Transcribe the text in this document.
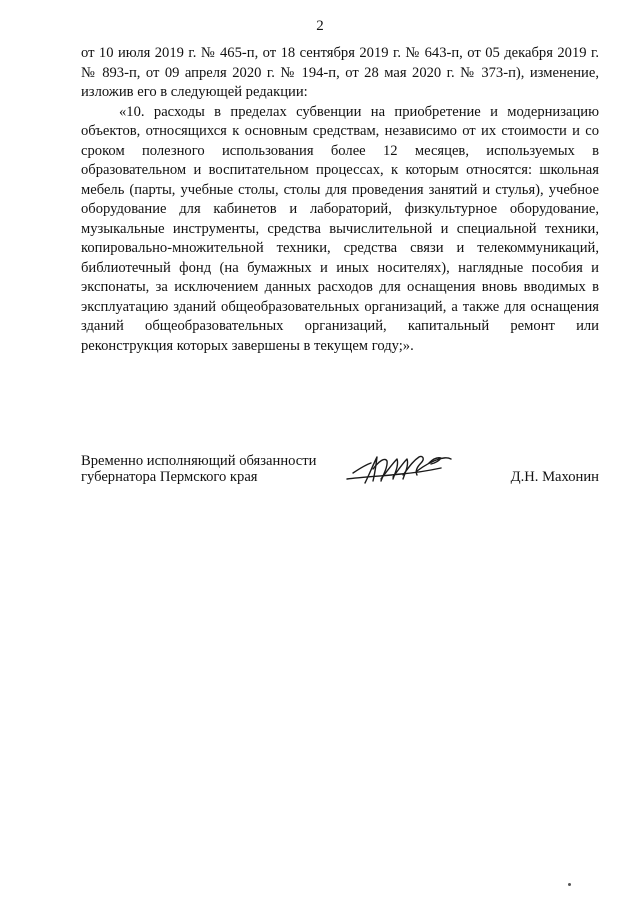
2

от 10 июля 2019 г. № 465-п, от 18 сентября 2019 г. № 643-п, от 05 декабря 2019 г. № 893-п, от 09 апреля 2020 г. № 194-п, от 28 мая 2020 г. № 373-п), изменение, изложив его в следующей редакции:

«10. расходы в пределах субвенции на приобретение и модернизацию объектов, относящихся к основным средствам, независимо от их стоимости и со сроком полезного использования более 12 месяцев, используемых в образовательном и воспитательном процессах, к которым относятся: школьная мебель (парты, учебные столы, столы для проведения занятий и стулья), учебное оборудование для кабинетов и лабораторий, физкультурное оборудование, музыкальные инструменты, средства вычислительной и специальной техники, копировально-множительной техники, средства связи и телекоммуникаций, библиотечный фонд (на бумажных и иных носителях), наглядные пособия и экспонаты, за исключением данных расходов для оснащения вновь вводимых в эксплуатацию зданий общеобразовательных организаций, а также для оснащения зданий общеобразовательных организаций, капитальный ремонт или реконструкция которых завершены в текущем году;».

Временно исполняющий обязанности
губернатора Пермского края	Д.Н. Махонин
